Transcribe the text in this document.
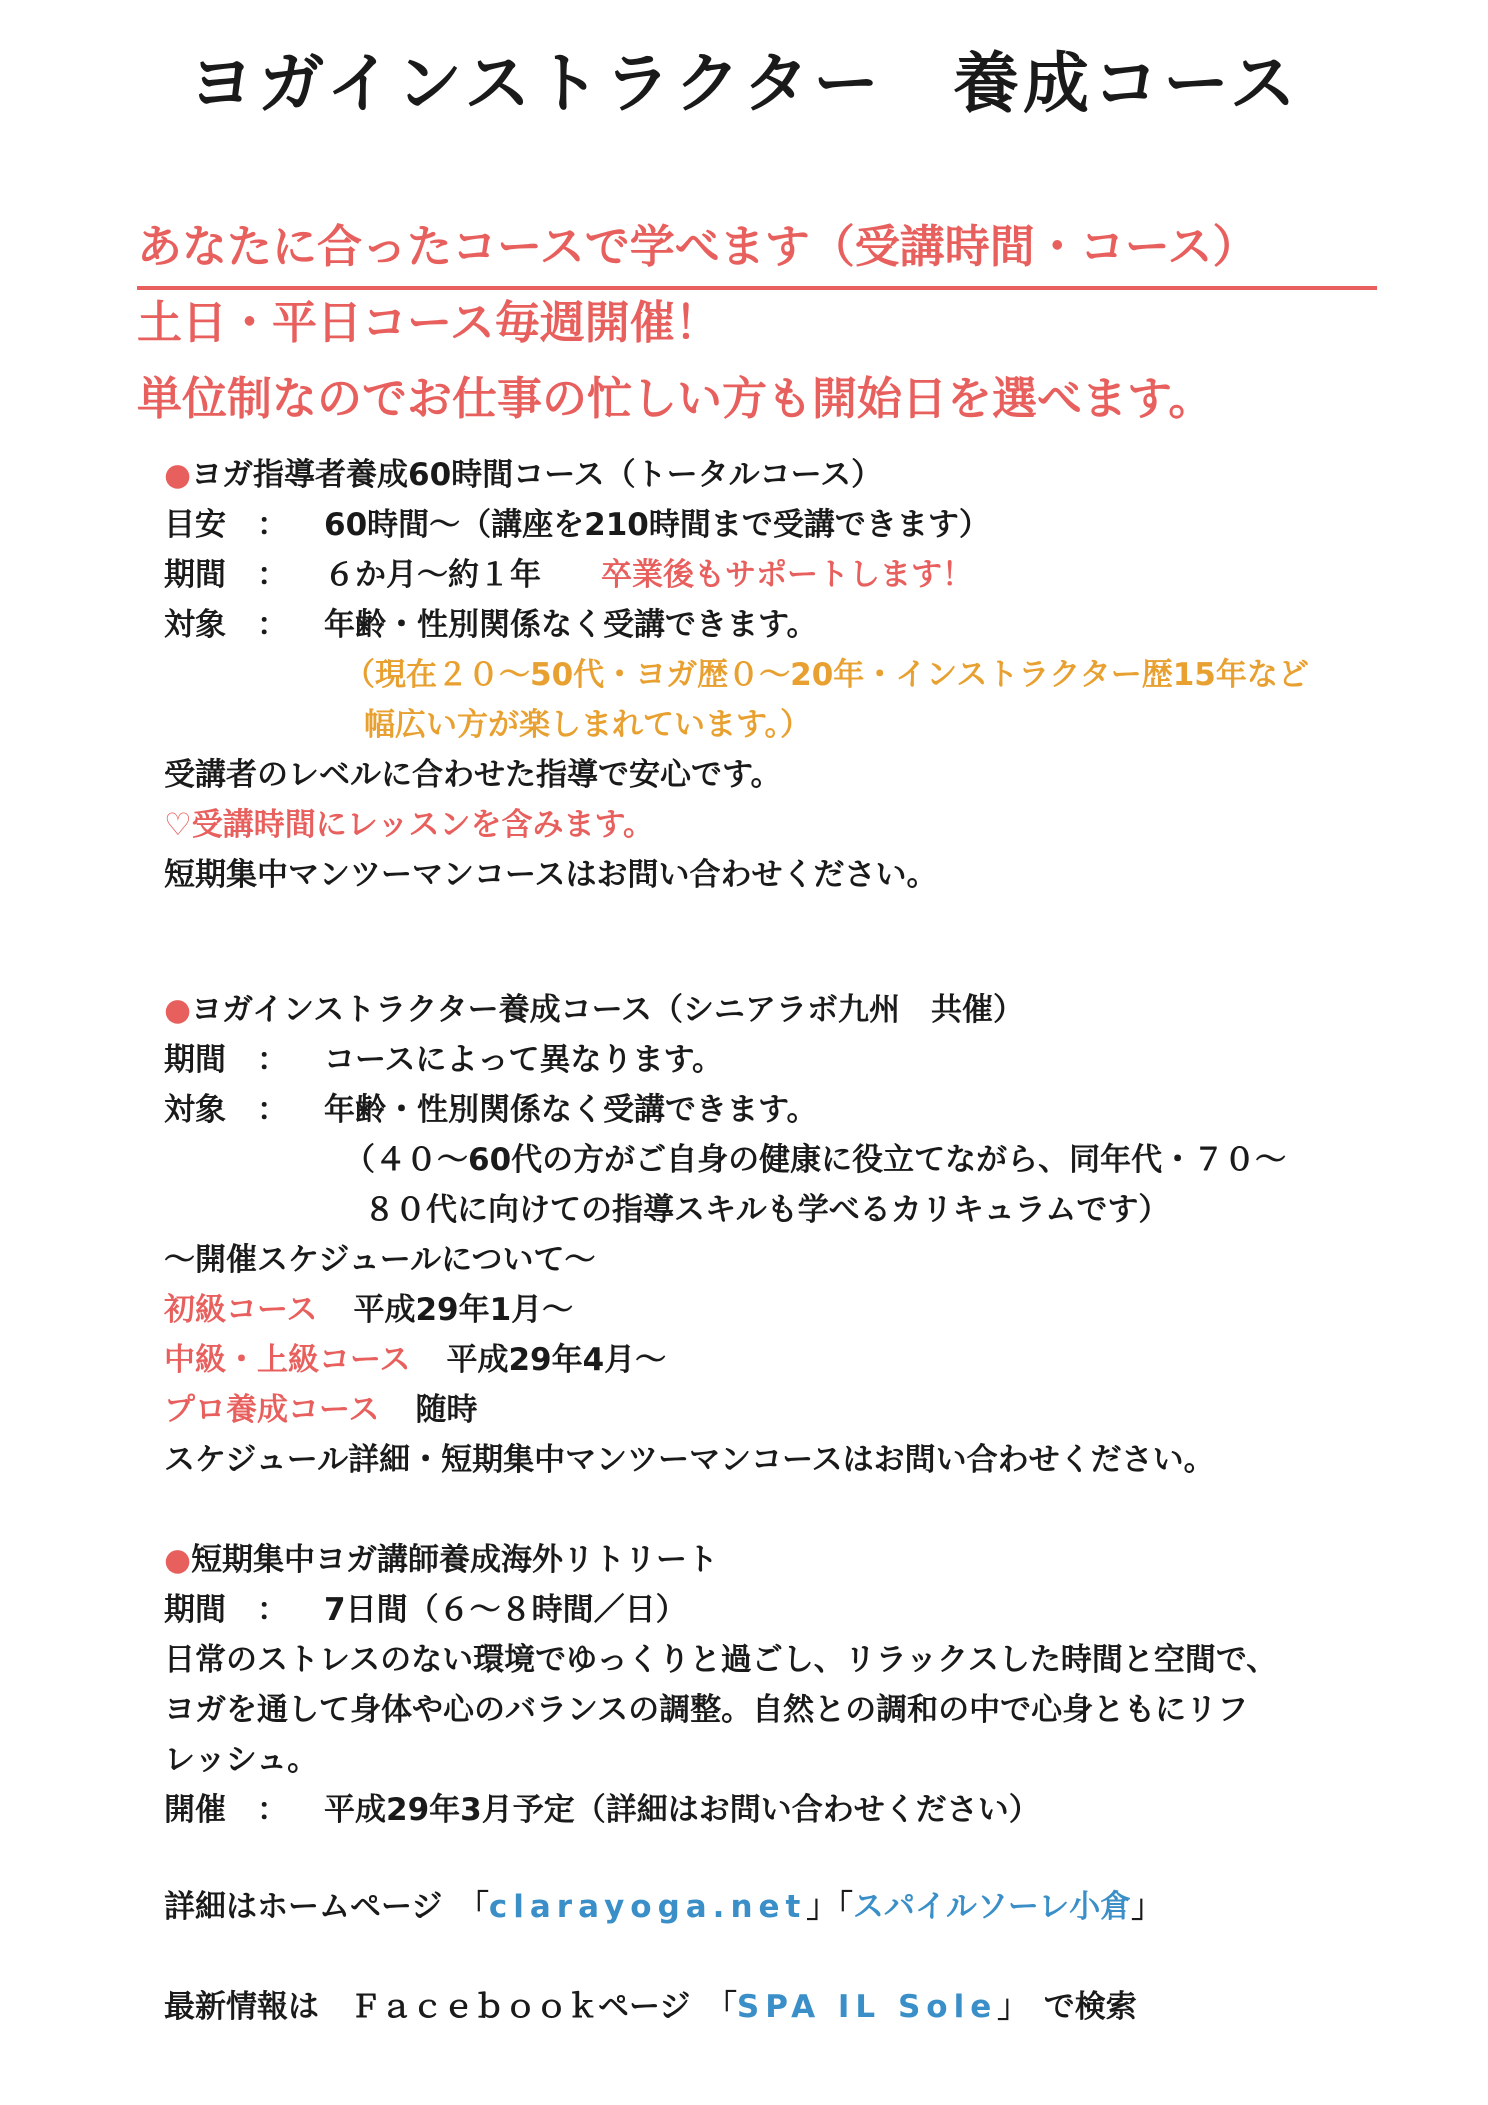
ヨガインストラクター　養成コース
あなたに合ったコースで学べます（受講時間・コース）
土日・平日コース毎週開催！
単位制なのでお仕事の忙しい方も開始日を選べます。
●ヨガ指導者養成60時間コース（トータルコース）
目安　： 60時間〜（講座を210時間まで受講できます）
期間　： ６か月〜約１年 卒業後もサポートします！
対象　： 年齢・性別関係なく受講できます。
（現在２０〜50代・ヨガ歴０〜20年・インストラクター歴15年など
幅広い方が楽しまれています。）
受講者のレベルに合わせた指導で安心です。
♡受講時間にレッスンを含みます。
短期集中マンツーマンコースはお問い合わせください。
●ヨガインストラクター養成コース（シニアラボ九州　共催）
期間　： コースによって異なります。
対象　： 年齢・性別関係なく受講できます。
（４０〜60代の方がご自身の健康に役立てながら、同年代・７０〜
８０代に向けての指導スキルも学べるカリキュラムです）
〜開催スケジュールについて〜
初級コース 平成29年1月〜
中級・上級コース 平成29年4月〜
プロ養成コース 随時
スケジュール詳細・短期集中マンツーマンコースはお問い合わせください。
●短期集中ヨガ講師養成海外リトリート
期間　： 7日間（６〜８時間／日）
日常のストレスのない環境でゆっくりと過ごし、リラックスした時間と空間で、
ヨガを通して身体や心のバランスの調整。自然との調和の中で心身ともにリフ
レッシュ。
開催　： 平成29年3月予定（詳細はお問い合わせください）
詳細はホームページ　「clarayoga.net」「スパイルソーレ小倉」
最新情報は　Ｆａｃｅｂｏｏｋページ　「SPA IL Sole」　で検索
